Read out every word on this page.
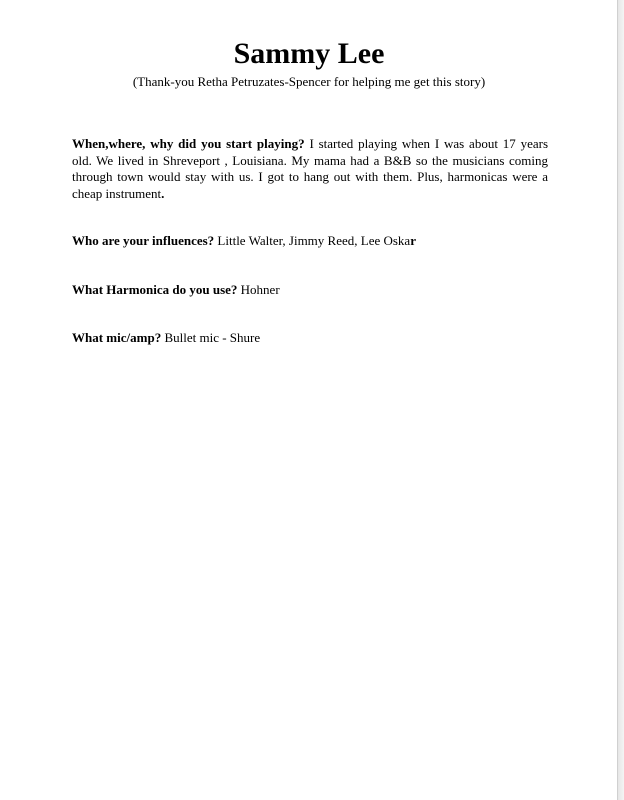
Sammy Lee
(Thank-you Retha Petruzates-Spencer for helping me get this story)

When,where, why did you start playing? I started playing when I was about 17 years old. We lived in Shreveport , Louisiana. My mama had a B&B so the musicians coming through town would stay with us. I got to hang out with them. Plus, harmonicas were a cheap instrument.

Who are your influences? Little Walter, Jimmy Reed, Lee Oskar

What Harmonica do you use? Hohner

What mic/amp? Bullet mic - Shure
